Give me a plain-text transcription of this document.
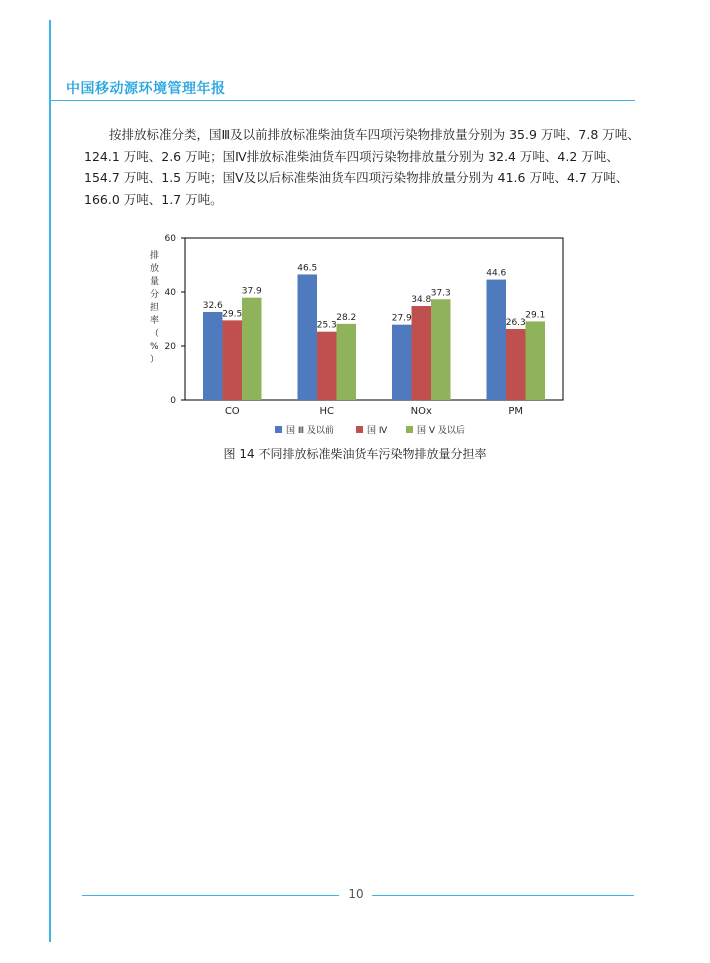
中国移动源环境管理年报
按排放标准分类，国Ⅲ及以前排放标准柴油货车四项污染物排放量分别为 35.9 万吨、7.8 万吨、124.1 万吨、2.6 万吨；国Ⅳ排放标准柴油货车四项污染物排放量分别为 32.4 万吨、4.2 万吨、154.7 万吨、1.5 万吨；国Ⅴ及以后标准柴油货车四项污染物排放量分别为 41.6 万吨、4.7 万吨、166.0 万吨、1.7 万吨。
0
20
40
60
排放量分担率（%）
32.6
29.5
37.9
CO
46.5
25.3
28.2
HC
27.9
34.8
37.3
NOx
44.6
26.3
29.1
PM
国 Ⅲ 及以前	国 Ⅳ	国 Ⅴ 及以后
图 14 不同排放标准柴油货车污染物排放量分担率
10
